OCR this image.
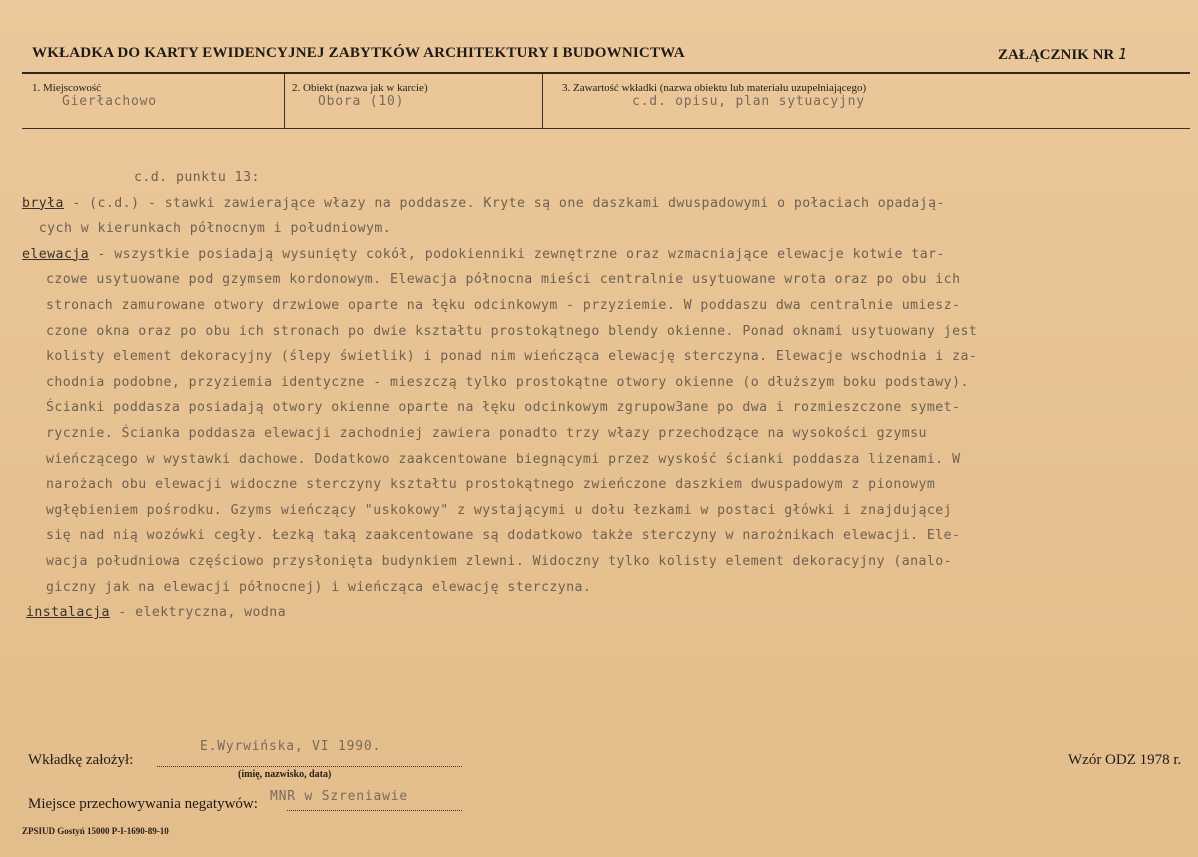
WKŁADKA DO KARTY EWIDENCYJNEJ ZABYTKÓW ARCHITEKTURY I BUDOWNICTWA	ZAŁĄCZNIK NR 1
1. Miejscowość
Gierłachowo
2. Obiekt (nazwa jak w karcie)
Obora (10)
3. Zawartość wkładki (nazwa obiektu lub materiału uzupełniającego)
c.d. opisu, plan sytuacyjny
c.d. punktu 13:
bryła - (c.d.) - stawki zawierające włazy na poddasze. Kryte są one daszkami dwuspadowymi o połaciach opadają-
cych w kierunkach północnym i południowym.
elewacja - wszystkie posiadają wysunięty cokół, podokienniki zewnętrzne oraz wzmacniające elewacje kotwie tar-
czowe usytuowane pod gzymsem kordonowym. Elewacja północna mieści centralnie usytuowane wrota oraz po obu ich
stronach zamurowane otwory drzwiowe oparte na łęku odcinkowym - przyziemie. W poddaszu dwa centralnie umiesz-
czone okna oraz po obu ich stronach po dwie kształtu prostokątnego blendy okienne. Ponad oknami usytuowany jest
kolisty element dekoracyjny (ślepy świetlik) i ponad nim wieńcząca elewację sterczyna. Elewacje wschodnia i za-
chodnia podobne, przyziemia identyczne - mieszczą tylko prostokątne otwory okienne (o dłuższym boku podstawy).
Ścianki poddasza posiadają otwory okienne oparte na łęku odcinkowym zgrupow3ane po dwa i rozmieszczone symet-
rycznie. Ścianka poddasza elewacji zachodniej zawiera ponadto trzy włazy przechodzące na wysokości gzymsu
wieńczącego w wystawki dachowe. Dodatkowo zaakcentowane biegnącymi przez wyskość ścianki poddasza lizenami. W
narożach obu elewacji widoczne sterczyny kształtu prostokątnego zwieńczone daszkiem dwuspadowym z pionowym
wgłębieniem pośrodku. Gzyms wieńczący "uskokowy" z wystającymi u dołu łezkami w postaci główki i znajdującej
się nad nią wozówki cegły. Łezką taką zaakcentowane są dodatkowo także sterczyny w narożnikach elewacji. Ele-
wacja południowa częściowo przysłonięta budynkiem zlewni. Widoczny tylko kolisty element dekoracyjny (analo-
giczny jak na elewacji północnej) i wieńcząca elewację sterczyna.
instalacja - elektryczna, wodna
Wkładkę założył:
E.Wyrwińska, VI 1990.
(imię, nazwisko, data)
Miejsce przechowywania negatywów: MNR w Szreniawie
Wzór ODZ 1978 r.
ZPSIUD Gostyń 15000 P-I-1690-89-10
